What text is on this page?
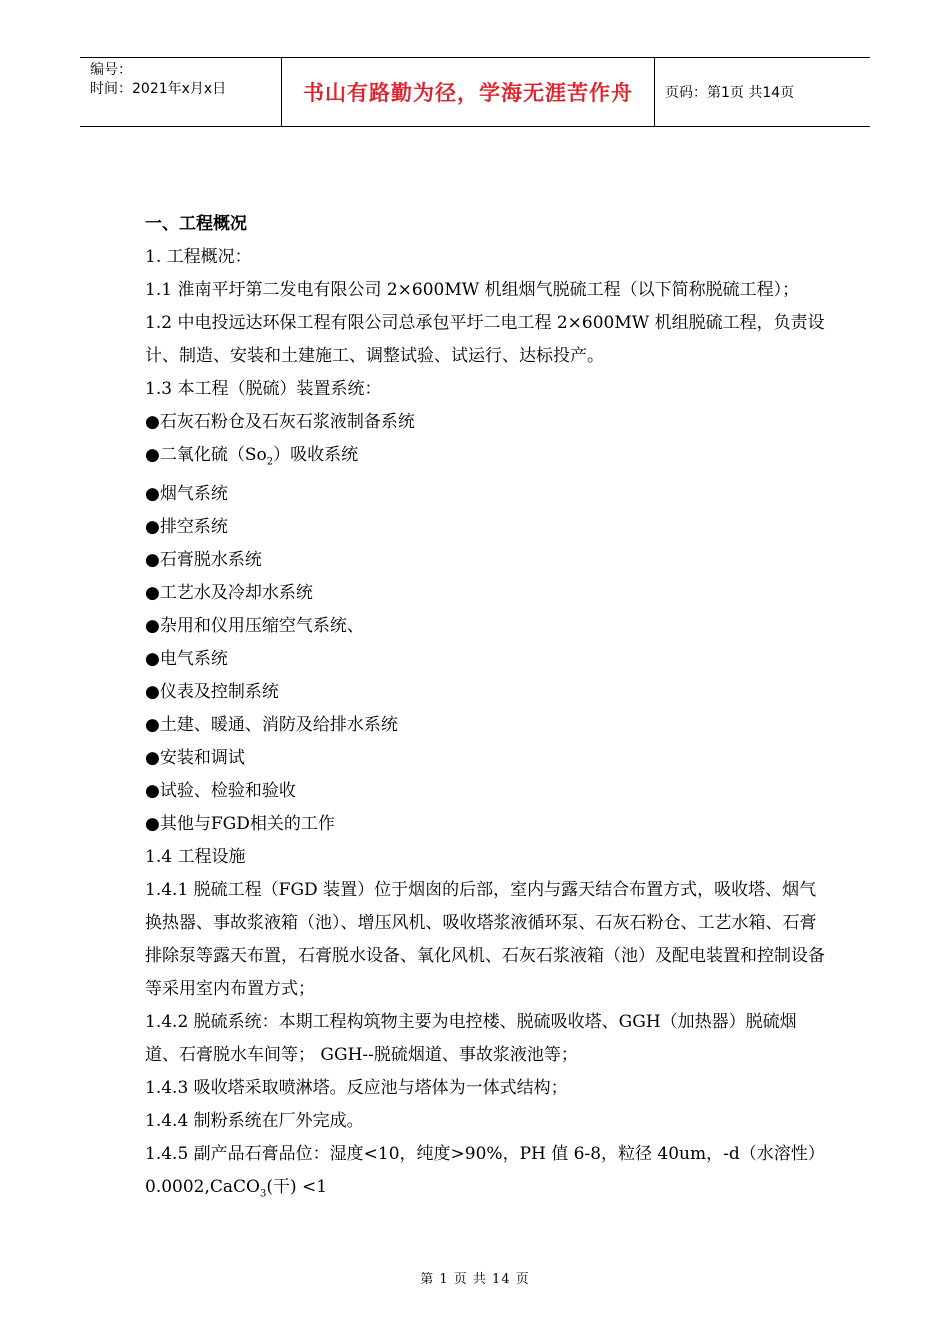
编号：
时间：2021年x月x日	书山有路勤为径，学海无涯苦作舟 页码：第1页 共14页
一、工程概况
1. 工程概况：
1.1 淮南平圩第二发电有限公司 2×600MW 机组烟气脱硫工程（以下简称脱硫工程）；
1.2 中电投远达环保工程有限公司总承包平圩二电工程 2×600MW 机组脱硫工程，负责设计、制造、安装和土建施工、调整试验、试运行、达标投产。
1.3 本工程（脱硫）装置系统：
●石灰石粉仓及石灰石浆液制备系统
●二氧化硫$(So_2)$吸收系统
●烟气系统
●排空系统
●石膏脱水系统
●工艺水及冷却水系统
●杂用和仪用压缩空气系统、
●电气系统
●仪表及控制系统
●土建、暖通、消防及给排水系统
●安装和调试
●试验、检验和验收
●其他与FGD相关的工作
1.4 工程设施
1.4.1 脱硫工程（FGD 装置）位于烟囱的后部，室内与露天结合布置方式，吸收塔、烟气换热器、事故浆液箱（池）、增压风机、吸收塔浆液循环泵、石灰石粉仓、工艺水箱、石膏排除泵等露天布置，石膏脱水设备、氧化风机、石灰石浆液箱（池）及配电装置和控制设备等采用室内布置方式；
1.4.2 脱硫系统：本期工程构筑物主要为电控楼、脱硫吸收塔、GGH（加热器）脱硫烟道、石膏脱水车间等； GGH--脱硫烟道、事故浆液池等；
1.4.3 吸收塔采取喷淋塔。反应池与塔体为一体式结构；
1.4.4 制粉系统在厂外完成。
1.4.5 副产品石膏品位：湿度<10，纯度>90%，PH 值 6-8，粒径 40um，-d（水溶性）0.0002,CaCO$_3$(干) <1
第 1 页 共 14 页
